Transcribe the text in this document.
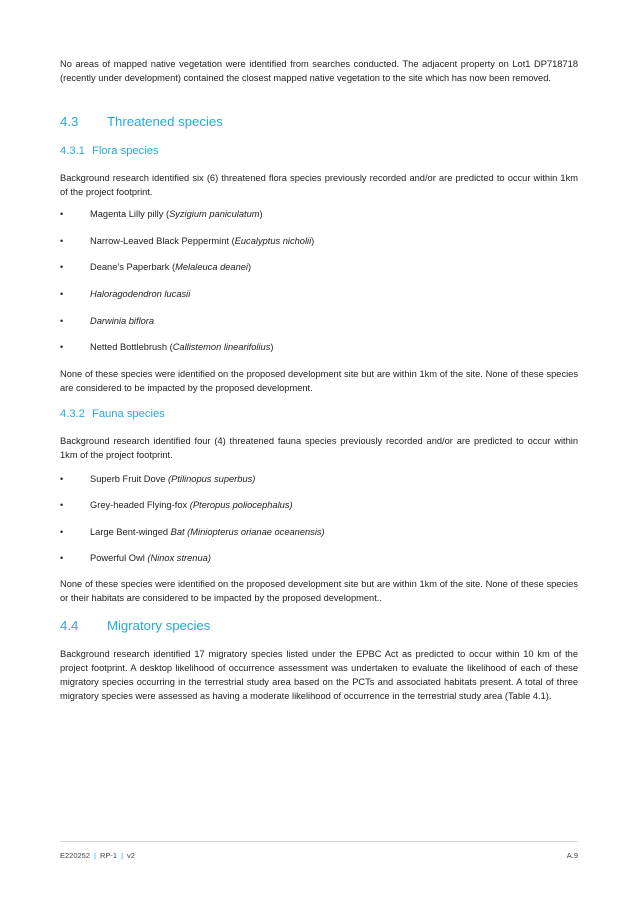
No areas of mapped native vegetation were identified from searches conducted. The adjacent property on Lot1 DP718718 (recently under development) contained the closest mapped native vegetation to the site which has now been removed.

4.3 Threatened species
4.3.1 Flora species

Background research identified six (6) threatened flora species previously recorded and/or are predicted to occur within 1km of the project footprint.

•	Magenta Lilly pilly (Syzigium paniculatum)
•	Narrow-Leaved Black Peppermint (Eucalyptus nicholii)
•	Deane’s Paperbark (Melaleuca deanei)
•	Haloragodendron lucasii
•	Darwinia biflora
•	Netted Bottlebrush (Callistemon linearifolius)

None of these species were identified on the proposed development site but are within 1km of the site. None of these species are considered to be impacted by the proposed development.

4.3.2 Fauna species

Background research identified four (4) threatened fauna species previously recorded and/or are predicted to occur within 1km of the project footprint.

•	Superb Fruit Dove (Ptilinopus superbus)
•	Grey-headed Flying-fox (Pteropus poliocephalus)
•	Large Bent-winged Bat (Miniopterus orianae oceanensis)
•	Powerful Owl (Ninox strenua)

None of these species were identified on the proposed development site but are within 1km of the site. None of these species or their habitats are considered to be impacted by the proposed development..

4.4 Migratory species

Background research identified 17 migratory species listed under the EPBC Act as predicted to occur within 10 km of the project footprint. A desktop likelihood of occurrence assessment was undertaken to evaluate the likelihood of each of these migratory species occurring in the terrestrial study area based on the PCTs and associated habitats present. A total of three migratory species were assessed as having a moderate likelihood of occurrence in the terrestrial study area (Table 4.1).

E220252 | RP-1 | v2	A.9
